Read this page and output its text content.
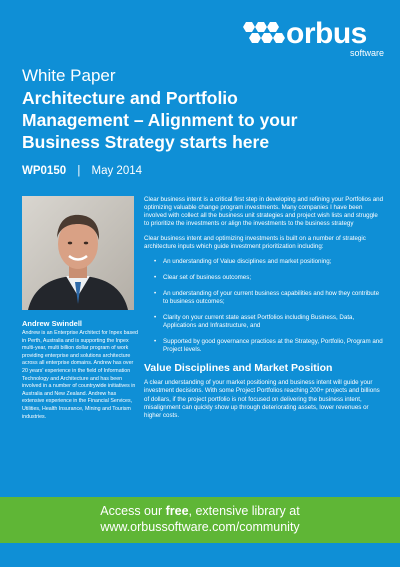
orbus
software
White Paper
Architecture and Portfolio
Management – Alignment to your
Business Strategy starts here
WP0150 | May 2014
Andrew Swindell
Andrew is an Enterprise Architect for Inpex based in Perth, Australia and is supporting the Inpex multi-year, multi billion dollar program of work providing enterprise and solutions architecture across all enterprise domains. Andrew has over 20 years' experience in the field of Information Technology and Architecture and has been involved in a number of countrywide initiatives in Australia and New Zealand. Andrew has extensive experience in the Financial Services, Utilities, Health Insurance, Mining and Tourism industries.

Clear business intent is a critical first step in developing and refining your Portfolios and optimizing valuable change program investments. Many companies I have been involved with collect all the business unit strategies and project wish lists and struggle to prioritize the investments or align the investments to the business strategy

Clear business intent and optimizing investments is built on a number of strategic architecture inputs which guide investment prioritization including:

• An understanding of Value disciplines and market positioning;
• Clear set of business outcomes;
• An understanding of your current business capabilities and how they contribute to business outcomes;
• Clarity on your current state asset Portfolios including Business, Data, Applications and Infrastructure, and
• Supported by good governance practices at the Strategy, Portfolio, Program and Project levels.
Value Disciplines and Market Position

A clear understanding of your market positioning and business intent will guide your investment decisions. With some Project Portfolios reaching 200+ projects and billions of dollars, if the project portfolio is not focused on delivering the business intent, misalignment can quickly show up through deteriorating assets, lower revenues or higher costs.

Access our free, extensive library at
www.orbussoftware.com/community
